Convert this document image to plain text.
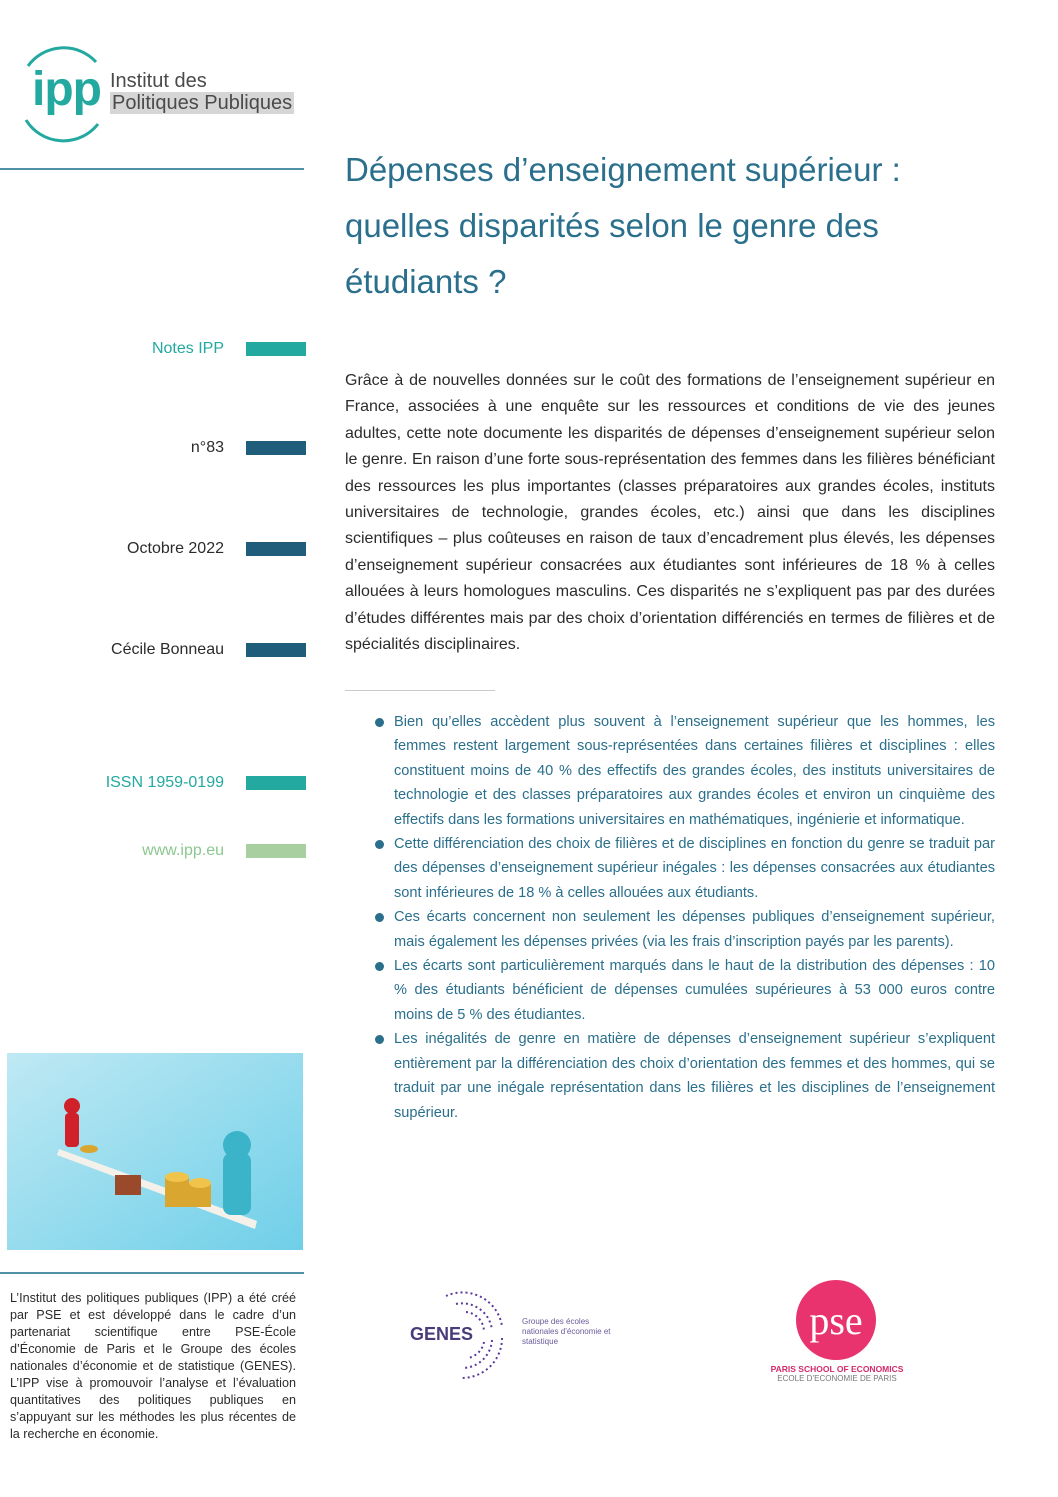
ipp Institut des
Politiques Publiques
Dépenses d’enseignement supérieur : quelles disparités selon le genre des étudiants ?
Notes IPP
n°83
Octobre 2022
Cécile Bonneau
ISSN 1959-0199
www.ipp.eu

Grâce à de nouvelles données sur le coût des formations de l’enseignement supérieur en France, associées à une enquête sur les ressources et conditions de vie des jeunes adultes, cette note documente les disparités de dépenses d’enseignement supérieur selon le genre. En raison d’une forte sous-représentation des femmes dans les filières bénéficiant des ressources les plus importantes (classes préparatoires aux grandes écoles, instituts universitaires de technologie, grandes écoles, etc.) ainsi que dans les disciplines scientifiques – plus coûteuses en raison de taux d’encadrement plus élevés, les dépenses d’enseignement supérieur consacrées aux étudiantes sont inférieures de 18 % à celles allouées à leurs homologues masculins. Ces disparités ne s’expliquent pas par des durées d’études différentes mais par des choix d’orientation différenciés en termes de filières et de spécialités disciplinaires.

Bien qu’elles accèdent plus souvent à l’enseignement supérieur que les hommes, les femmes restent largement sous-représentées dans certaines filières et disciplines : elles constituent moins de 40 % des effectifs des grandes écoles, des instituts universitaires de technologie et des classes préparatoires aux grandes écoles et environ un cinquième des effectifs dans les formations universitaires en mathématiques, ingénierie et informatique.
Cette différenciation des choix de filières et de disciplines en fonction du genre se traduit par des dépenses d’enseignement supérieur inégales : les dépenses consacrées aux étudiantes sont inférieures de 18 % à celles allouées aux étudiants.
Ces écarts concernent non seulement les dépenses publiques d’enseignement supérieur, mais également les dépenses privées (via les frais d’inscription payés par les parents).
Les écarts sont particulièrement marqués dans le haut de la distribution des dépenses : 10 % des étudiants bénéficient de dépenses cumulées supérieures à 53 000 euros contre moins de 5 % des étudiantes.
Les inégalités de genre en matière de dépenses d’enseignement supérieur s’expliquent entièrement par la différenciation des choix d’orientation des femmes et des hommes, qui se traduit par une inégale représentation dans les filières et les disciplines de l’enseignement supérieur.

L’Institut des politiques publiques (IPP) a été créé par PSE et est développé dans le cadre d’un partenariat scientifique entre PSE-École d’Économie de Paris et le Groupe des écoles nationales d’économie et de statistique (GENES). L’IPP vise à promouvoir l’analyse et l’évaluation quantitatives des politiques publiques en s’appuyant sur les méthodes les plus récentes de la recherche en économie.

GENES
Groupe des écoles nationales d’économie et statistique	pse
PARIS SCHOOL OF ECONOMICS
ECOLE D’ECONOMIE DE PARIS
